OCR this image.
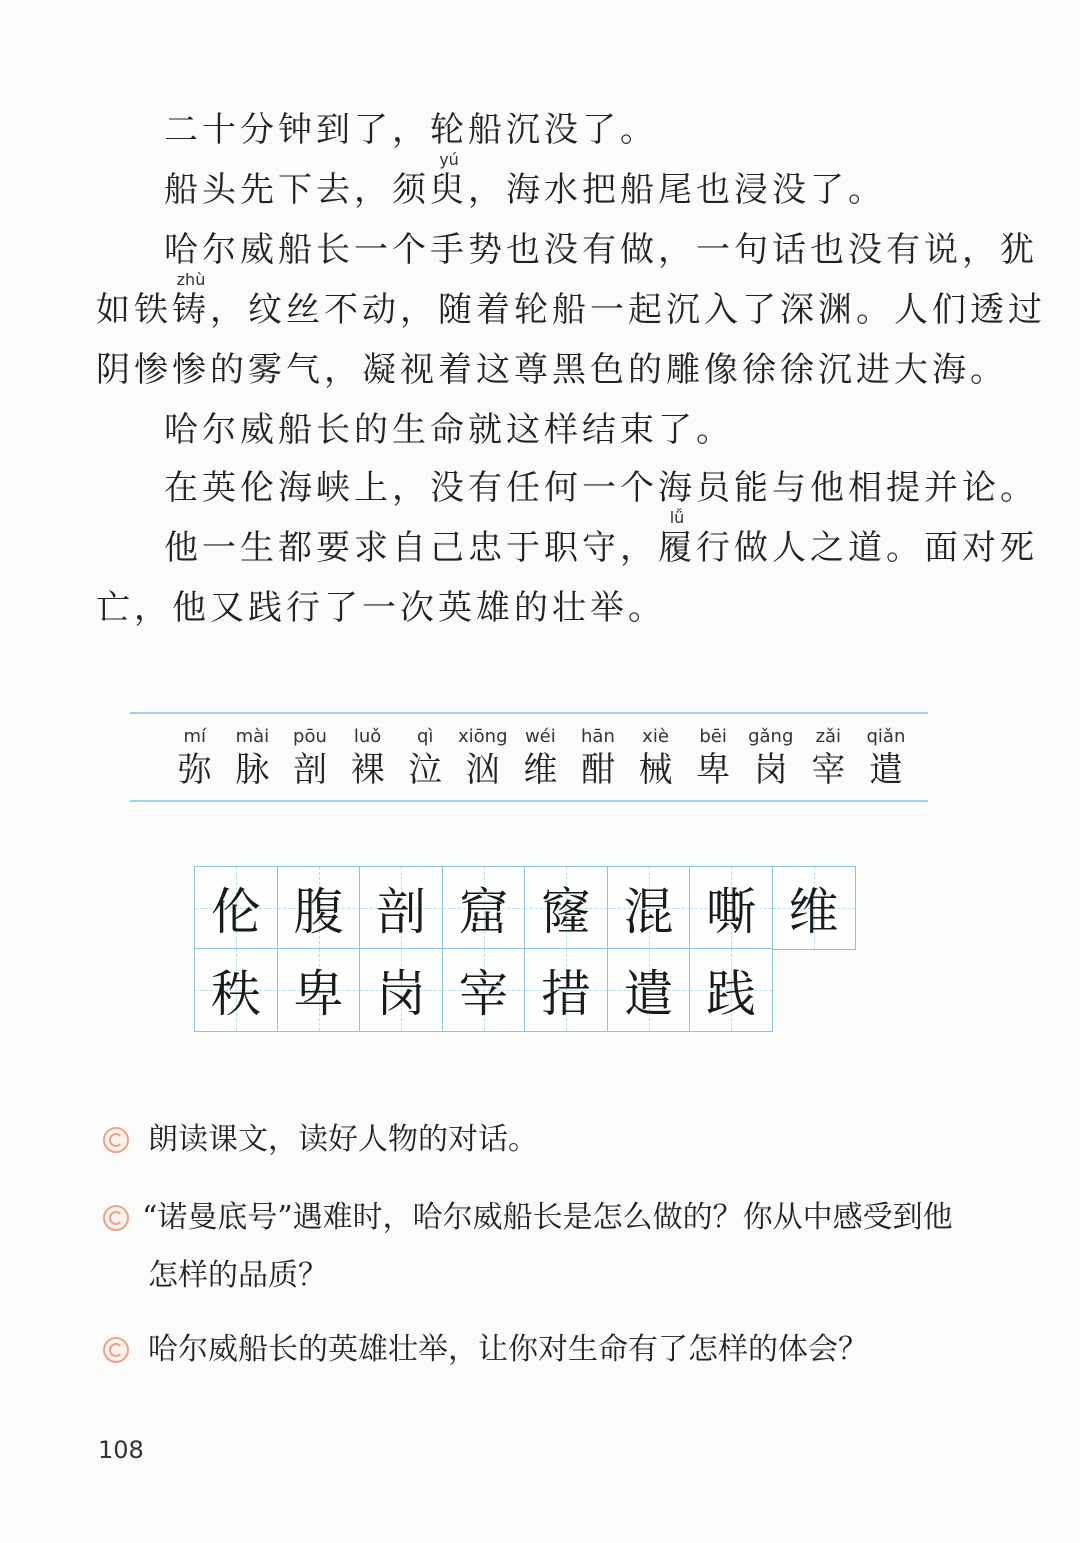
二十分钟到了，轮船沉没了。
船头先下去，须
yú
臾，海水把船尾也浸没了。
哈尔威船长一个手势也没有做，一句话也没有说，犹
如铁
zhù
铸，纹丝不动，随着轮船一起沉入了深渊。人们透过
阴惨惨的雾气，凝视着这尊黑色的雕像徐徐沉进大海。
哈尔威船长的生命就这样结束了。
在英伦海峡上，没有任何一个海员能与他相提并论。
他一生都要求自己忠于职守，
lǚ
履行做人之道。面对死
亡，他又践行了一次英雄的壮举。
mí
弥
mài
脉
pōu
剖
luǒ
裸
qì
泣
xiōng
汹
wéi
维
hān
酣
xiè
械
bēi
卑
gǎng
岗
zǎi
宰
qiǎn
遣
伦 腹 剖 窟 窿 混 嘶 维
秩 卑 岗 宰 措 遣 践
朗读课文，读好人物的对话。
“诺曼底号”遇难时，哈尔威船长是怎么做的？你从中感受到他
怎样的品质？
哈尔威船长的英雄壮举，让你对生命有了怎样的体会？
108
